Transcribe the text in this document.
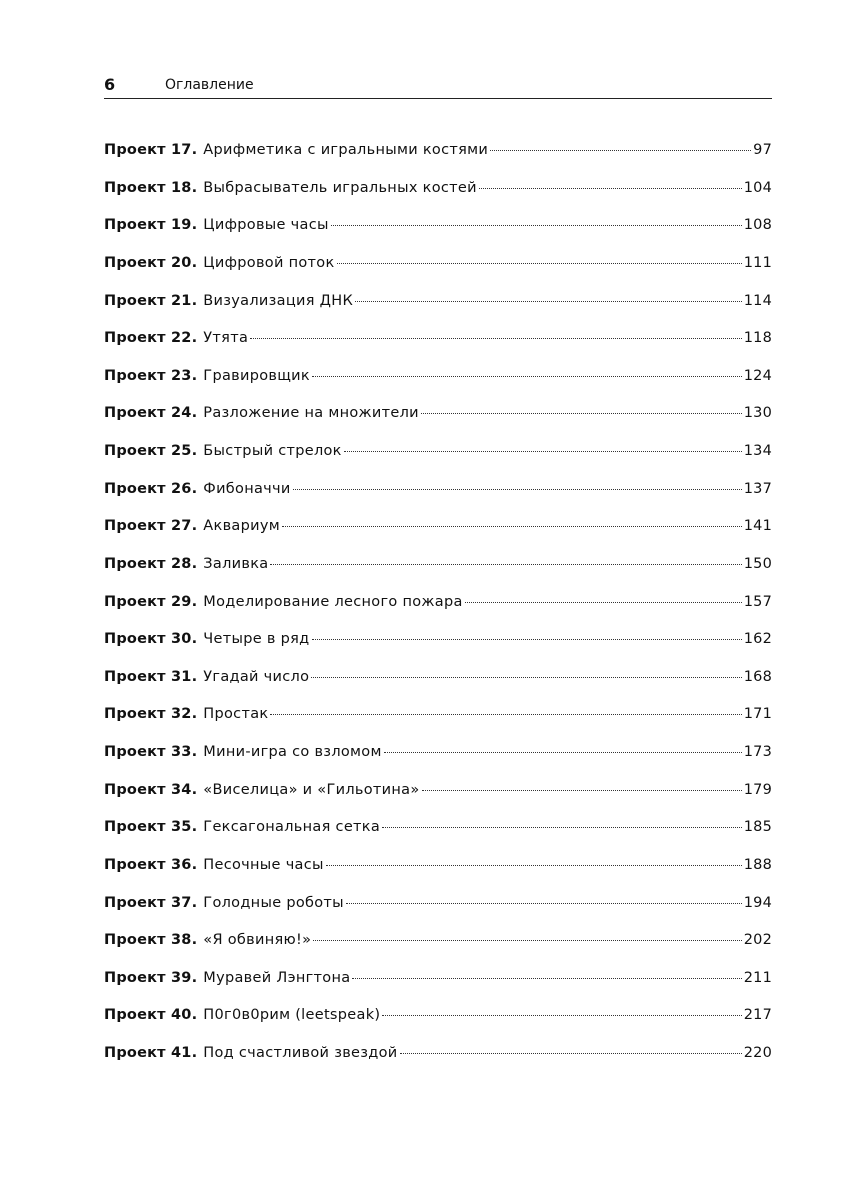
6	Оглавление
Проект 17. Арифметика с игральными костями	97
Проект 18. Выбрасыватель игральных костей	104
Проект 19. Цифровые часы	108
Проект 20. Цифровой поток	111
Проект 21. Визуализация ДНК	114
Проект 22. Утята	118
Проект 23. Гравировщик	124
Проект 24. Разложение на множители	130
Проект 25. Быстрый стрелок	134
Проект 26. Фибоначчи	137
Проект 27. Аквариум	141
Проект 28. Заливка	150
Проект 29. Моделирование лесного пожара	157
Проект 30. Четыре в ряд	162
Проект 31. Угадай число	168
Проект 32. Простак	171
Проект 33. Мини-игра со взломом	173
Проект 34. «Виселица» и «Гильотина»	179
Проект 35. Гексагональная сетка	185
Проект 36. Песочные часы	188
Проект 37. Голодные роботы	194
Проект 38. «Я обвиняю!»	202
Проект 39. Муравей Лэнгтона	211
Проект 40. П0г0в0рим (leetspeak)	217
Проект 41. Под счастливой звездой	220
